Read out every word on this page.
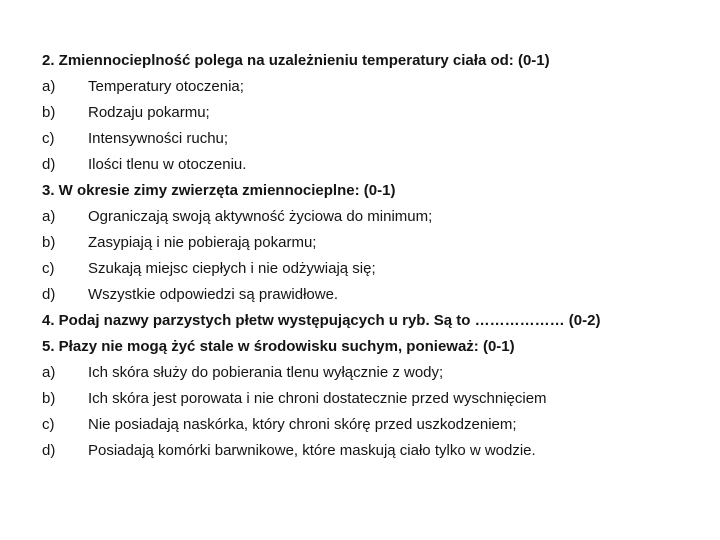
2. Zmiennocieplność polega na uzależnieniu temperatury ciała od: (0-1)
a)	Temperatury otoczenia;
b)	Rodzaju pokarmu;
c)	Intensywności ruchu;
d)	Ilości tlenu w otoczeniu.
3. W okresie zimy zwierzęta zmiennocieplne: (0-1)
a)	Ograniczają swoją aktywność życiowa do minimum;
b)	Zasypiają i nie pobierają pokarmu;
c)	Szukają miejsc ciepłych i nie odżywiają się;
d)	Wszystkie odpowiedzi są prawidłowe.
4. Podaj nazwy parzystych płetw występujących u ryb. Są to ……………… (0-2)
5. Płazy nie mogą żyć stale w środowisku suchym, ponieważ: (0-1)
a)	Ich skóra służy do pobierania tlenu wyłącznie z wody;
b)	Ich skóra jest porowata i nie chroni dostatecznie przed wyschnięciem
c)	Nie posiadają naskórka, który chroni skórę przed uszkodzeniem;
d)	Posiadają komórki barwnikowe, które maskują ciało tylko w wodzie.
